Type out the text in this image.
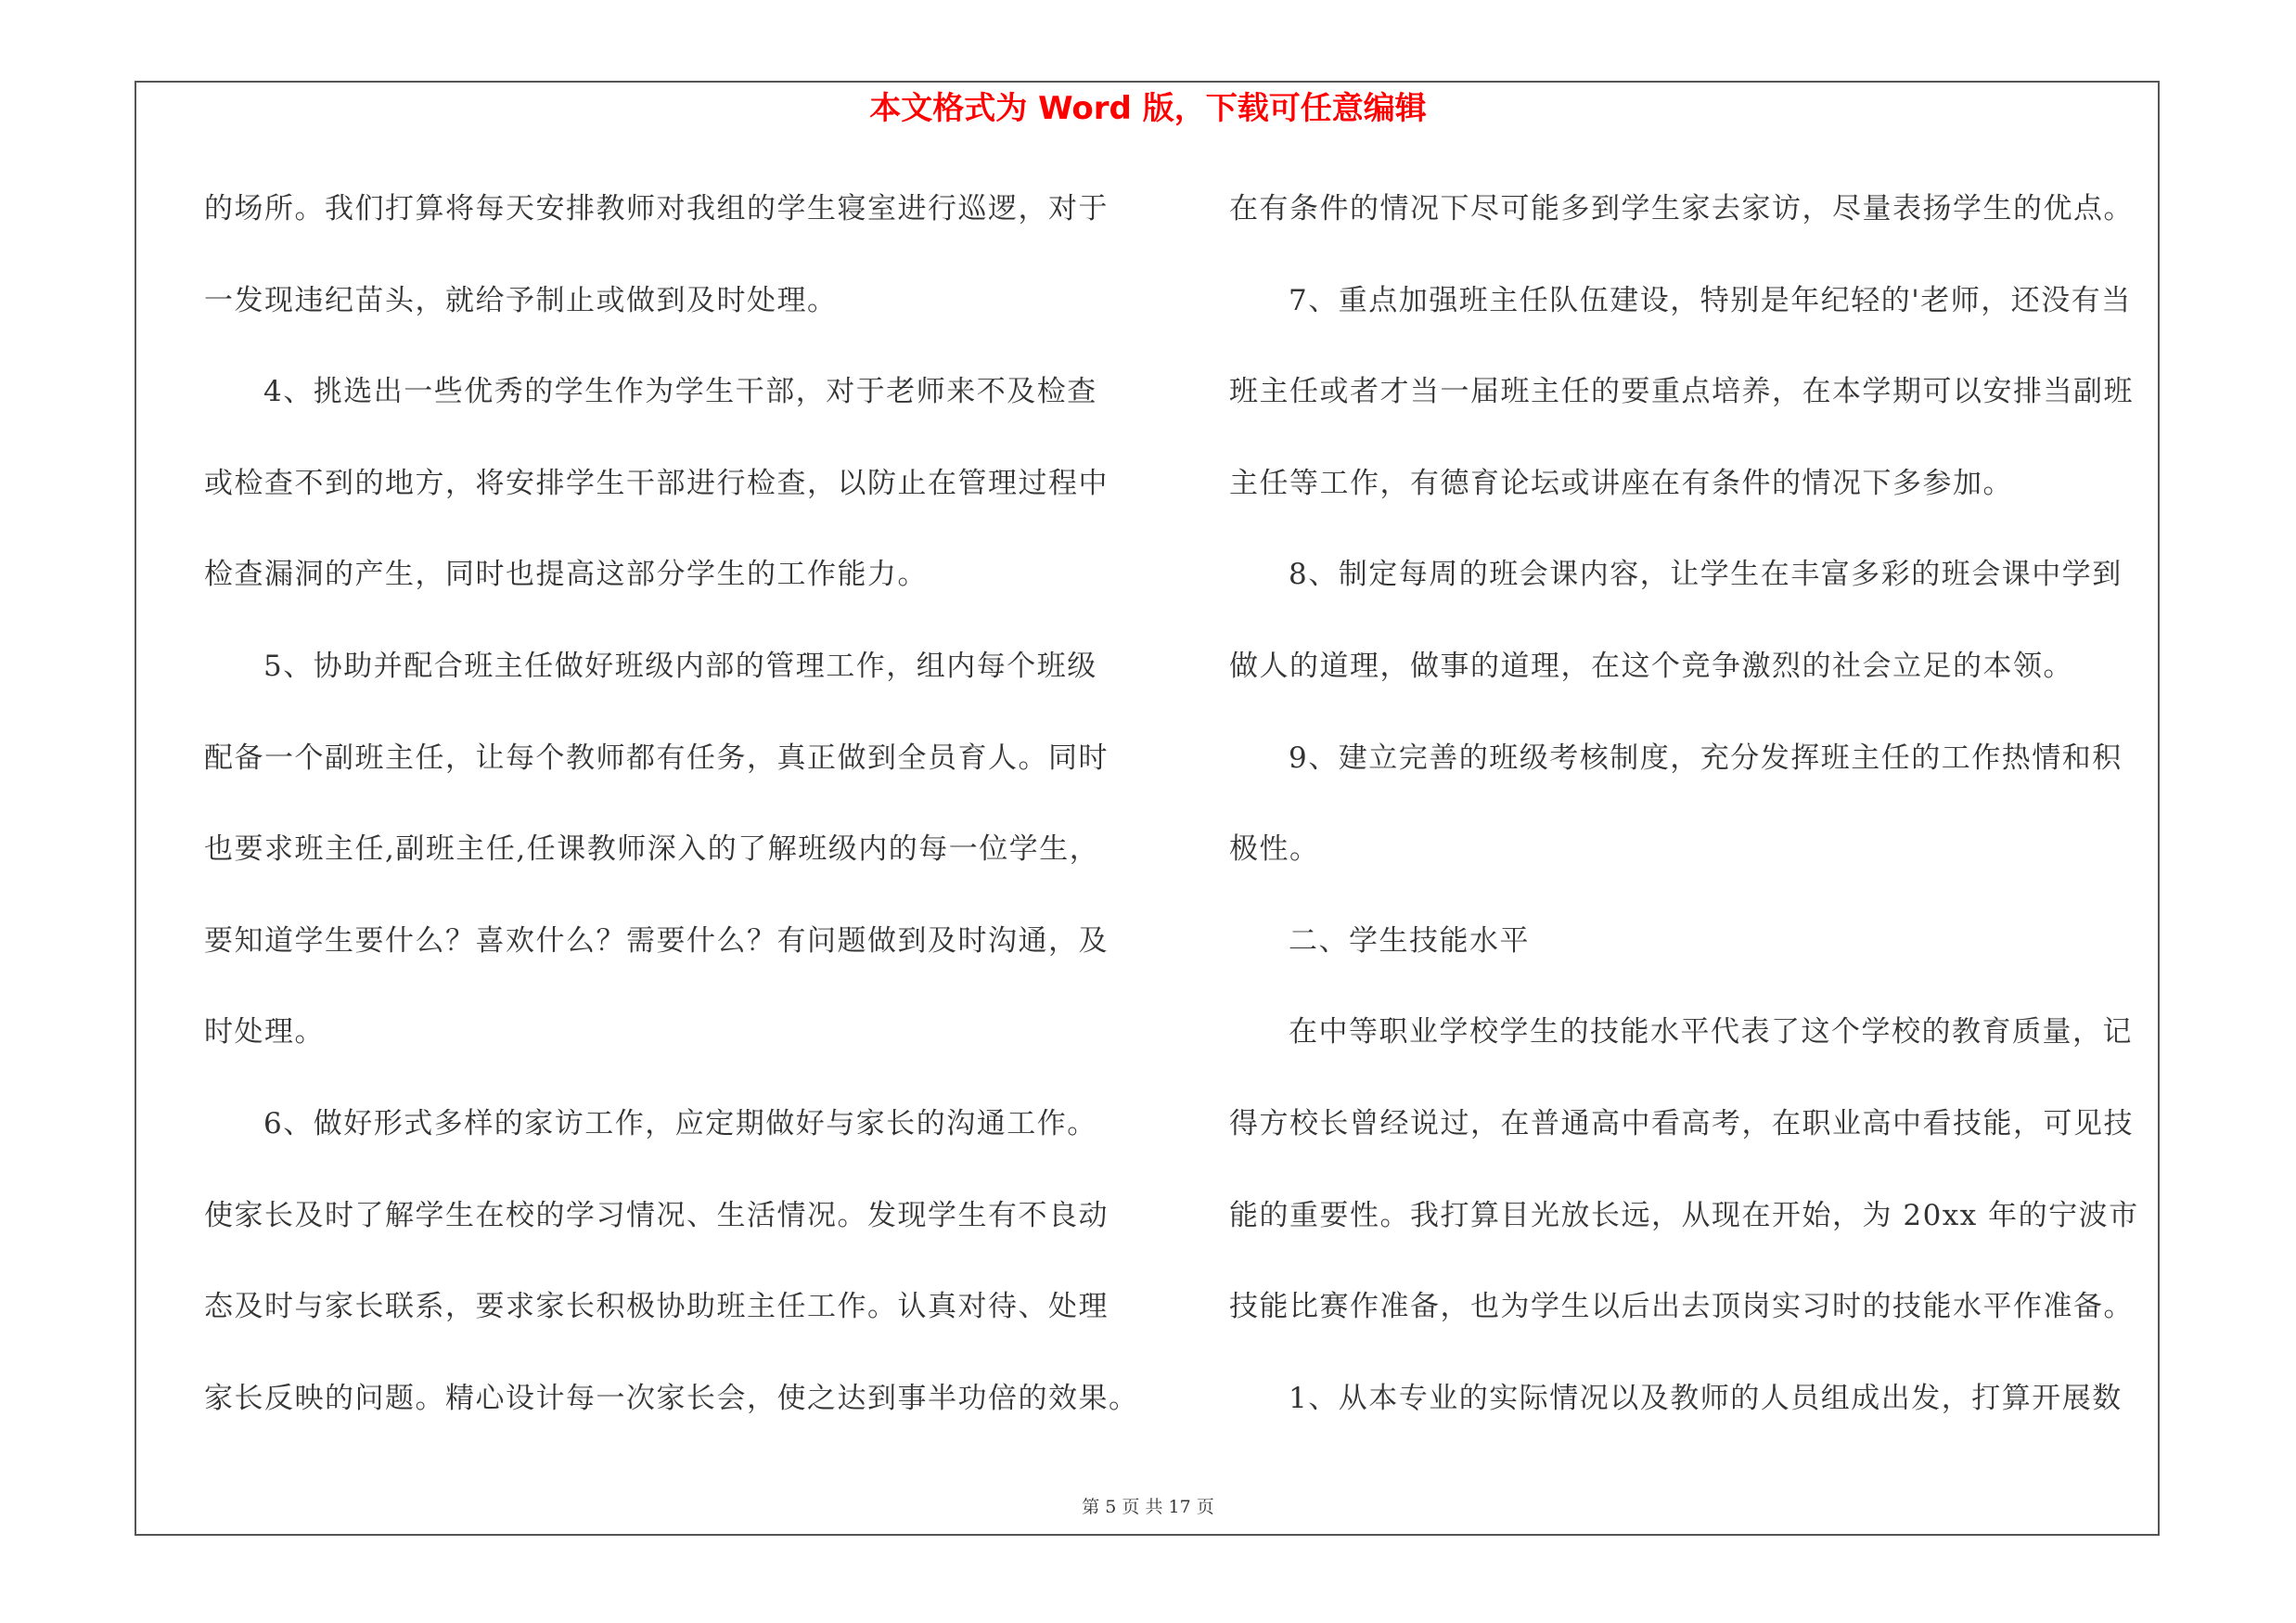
本文格式为 Word 版，下载可任意编辑
的场所。我们打算将每天安排教师对我组的学生寝室进行巡逻，对于
一发现违纪苗头，就给予制止或做到及时处理。
4、挑选出一些优秀的学生作为学生干部，对于老师来不及检查
或检查不到的地方，将安排学生干部进行检查，以防止在管理过程中
检查漏洞的产生，同时也提高这部分学生的工作能力。
5、协助并配合班主任做好班级内部的管理工作，组内每个班级
配备一个副班主任，让每个教师都有任务，真正做到全员育人。同时
也要求班主任,副班主任,任课教师深入的了解班级内的每一位学生，
要知道学生要什么？喜欢什么？需要什么？有问题做到及时沟通，及
时处理。
6、做好形式多样的家访工作，应定期做好与家长的沟通工作。
使家长及时了解学生在校的学习情况、生活情况。发现学生有不良动
态及时与家长联系，要求家长积极协助班主任工作。认真对待、处理
家长反映的问题。精心设计每一次家长会，使之达到事半功倍的效果。
在有条件的情况下尽可能多到学生家去家访，尽量表扬学生的优点。
7、重点加强班主任队伍建设，特别是年纪轻的'老师，还没有当
班主任或者才当一届班主任的要重点培养，在本学期可以安排当副班
主任等工作，有德育论坛或讲座在有条件的情况下多参加。
8、制定每周的班会课内容，让学生在丰富多彩的班会课中学到
做人的道理，做事的道理，在这个竞争激烈的社会立足的本领。
9、建立完善的班级考核制度，充分发挥班主任的工作热情和积
极性。
二、学生技能水平
在中等职业学校学生的技能水平代表了这个学校的教育质量，记
得方校长曾经说过，在普通高中看高考，在职业高中看技能，可见技
能的重要性。我打算目光放长远，从现在开始，为 20xx 年的宁波市
技能比赛作准备，也为学生以后出去顶岗实习时的技能水平作准备。
1、从本专业的实际情况以及教师的人员组成出发，打算开展数
第 5 页 共 17 页
